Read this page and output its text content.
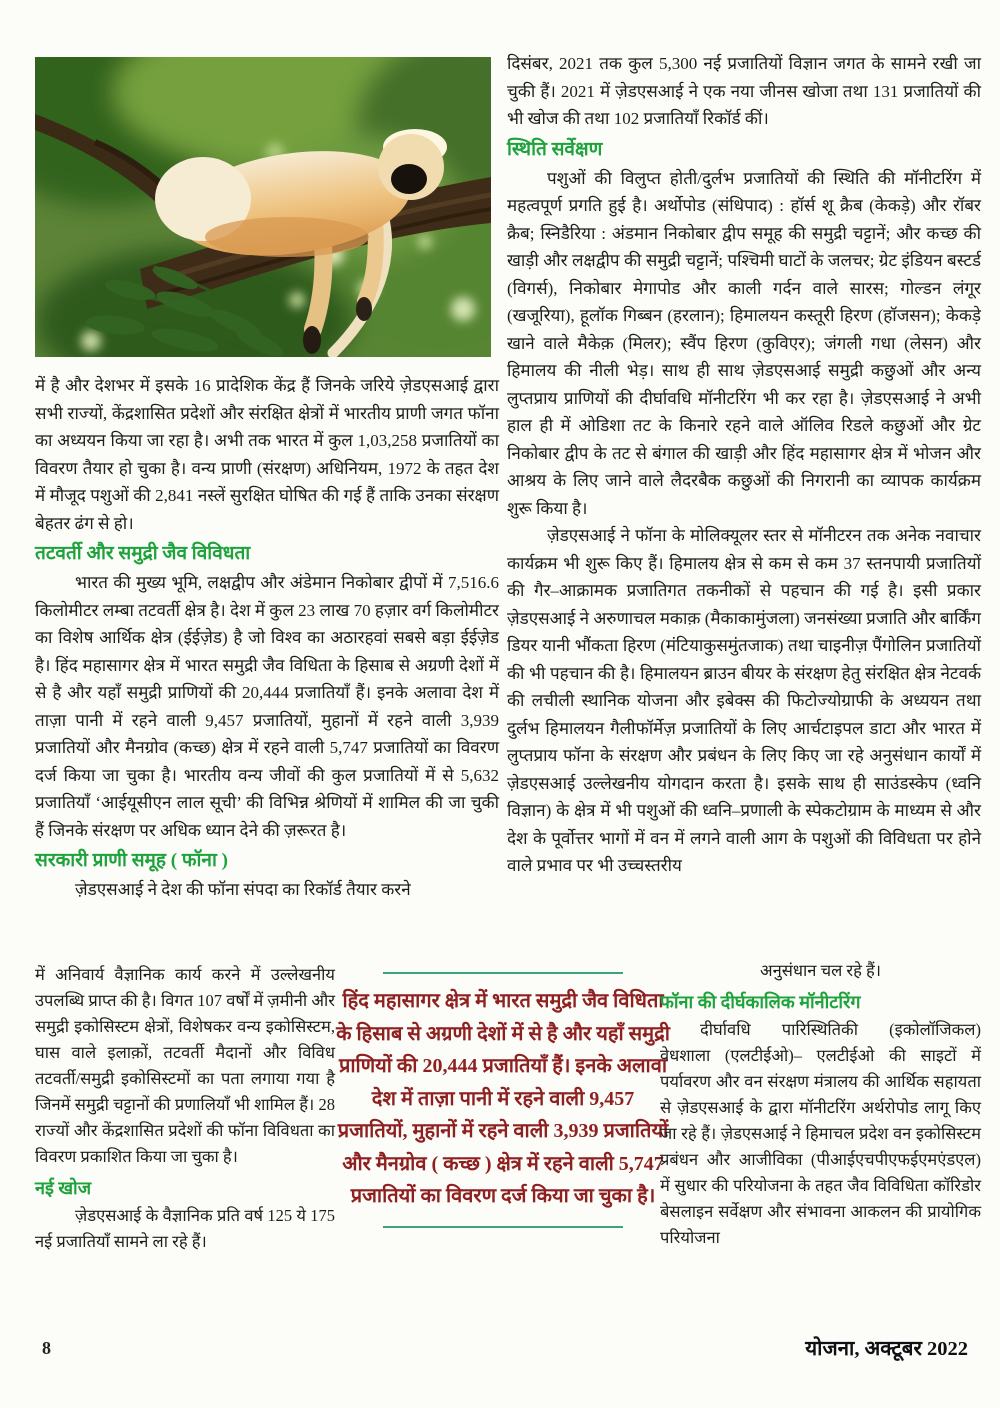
में है और देशभर में इसके 16 प्रादेशिक केंद्र हैं जिनके जरिये ज़ेडएसआई द्वारा सभी राज्यों, केंद्रशासित प्रदेशों और संरक्षित क्षेत्रों में भारतीय प्राणी जगत फॉना का अध्ययन किया जा रहा है। अभी तक भारत में कुल 1,03,258 प्रजातियों का विवरण तैयार हो चुका है। वन्य प्राणी (संरक्षण) अधिनियम, 1972 के तहत देश में मौजूद पशुओं की 2,841 नस्लें सुरक्षित घोषित की गई हैं ताकि उनका संरक्षण बेहतर ढंग से हो।

तटवर्ती और समुद्री जैव विविधता

भारत की मुख्य भूमि, लक्षद्वीप और अंडेमान निकोबार द्वीपों में 7,516.6 किलोमीटर लम्बा तटवर्ती क्षेत्र है। देश में कुल 23 लाख 70 हज़ार वर्ग किलोमीटर का विशेष आर्थिक क्षेत्र (ईईज़ेड) है जो विश्व का अठारहवां सबसे बड़ा ईईज़ेड है। हिंद महासागर क्षेत्र में भारत समुद्री जैव विधिता के हिसाब से अग्रणी देशों में से है और यहाँ समुद्री प्राणियों की 20,444 प्रजातियाँ हैं। इनके अलावा देश में ताज़ा पानी में रहने वाली 9,457 प्रजातियों, मुहानों में रहने वाली 3,939 प्रजातियों और मैनग्रोव (कच्छ) क्षेत्र में रहने वाली 5,747 प्रजातियों का विवरण दर्ज किया जा चुका है। भारतीय वन्य जीवों की कुल प्रजातियों में से 5,632 प्रजातियाँ ‘आईयूसीएन लाल सूची’ की विभिन्न श्रेणियों में शामिल की जा चुकी हैं जिनके संरक्षण पर अधिक ध्यान देने की ज़रूरत है।

सरकारी प्राणी समूह ( फॉना )

ज़ेडएसआई ने देश की फॉना संपदा का रिकॉर्ड तैयार करने

दिसंबर, 2021 तक कुल 5,300 नई प्रजातियों विज्ञान जगत के सामने रखी जा चुकी हैं। 2021 में ज़ेडएसआई ने एक नया जीनस खोजा तथा 131 प्रजातियों की भी खोज की तथा 102 प्रजातियाँ रिकॉर्ड कीं।

स्थिति सर्वेक्षण

पशुओं की विलुप्त होती/दुर्लभ प्रजातियों की स्थिति की मॉनीटरिंग में महत्वपूर्ण प्रगति हुई है। अर्थोपोड (संधिपाद) : हॉर्स शू क्रैब (केकड़े) और रॉबर क्रैब; स्निडैरिया : अंडमान निकोबार द्वीप समूह की समुद्री चट्टानें; और कच्छ की खाड़ी और लक्षद्वीप की समुद्री चट्टानें; पश्चिमी घाटों के जलचर; ग्रेट इंडियन बस्टर्ड (विगर्स), निकोबार मेगापोड और काली गर्दन वाले सारस; गोल्डन लंगूर (खजूरिया), हूलॉक गिब्बन (हरलान); हिमालयन कस्तूरी हिरण (हॉजसन); केकड़े खाने वाले मैकेक़ (मिलर); स्वैंप हिरण (कुविएर); जंगली गधा (लेसन) और हिमालय की नीली भेड़। साथ ही साथ ज़ेडएसआई समुद्री कछुओं और अन्य लुप्तप्राय प्राणियों की दीर्घावधि मॉनीटरिंग भी कर रहा है। ज़ेडएसआई ने अभी हाल ही में ओडिशा तट के किनारे रहने वाले ऑलिव रिडले कछुओं और ग्रेट निकोबार द्वीप के तट से बंगाल की खाड़ी और हिंद महासागर क्षेत्र में भोजन और आश्रय के लिए जाने वाले लैदरबैक कछुओं की निगरानी का व्यापक कार्यक्रम शुरू किया है।

ज़ेडएसआई ने फॉना के मोलिक्यूलर स्तर से मॉनीटरन तक अनेक नवाचार कार्यक्रम भी शुरू किए हैं। हिमालय क्षेत्र से कम से कम 37 स्तनपायी प्रजातियों की गैर–आक्रामक प्रजातिगत तकनीकों से पहचान की गई है। इसी प्रकार ज़ेडएसआई ने अरुणाचल मकाक़ (मैकाकामुंजला) जनसंख्या प्रजाति और बार्किंग डियर यानी भौंकता हिरण (मंटियाकुसमुंतजाक) तथा चाइनीज़ पैंगोलिन प्रजातियों की भी पहचान की है। हिमालयन ब्राउन बीयर के संरक्षण हेतु संरक्षित क्षेत्र नेटवर्क की लचीली स्थानिक योजना और इबेक्स की फिटोज्योग्राफी के अध्ययन तथा दुर्लभ हिमालयन गैलीफॉर्मेज़ प्रजातियों के लिए आर्चटाइपल डाटा और भारत में लुप्तप्राय फॉना के संरक्षण और प्रबंधन के लिए किए जा रहे अनुसंधान कार्यों में ज़ेडएसआई उल्लेखनीय योगदान करता है। इसके साथ ही साउंडस्केप (ध्वनि विज्ञान) के क्षेत्र में भी पशुओं की ध्वनि–प्रणाली के स्पेकटोग्राम के माध्यम से और देश के पूर्वोत्तर भागों में वन में लगने वाली आग के पशुओं की विविधता पर होने वाले प्रभाव पर भी उच्चस्तरीय

में अनिवार्य वैज्ञानिक कार्य करने में उल्लेखनीय उपलब्धि प्राप्त की है। विगत 107 वर्षों में ज़मीनी और समुद्री इकोसिस्टम क्षेत्रों, विशेषकर वन्य इकोसिस्टम, घास वाले इलाक़ों, तटवर्ती मैदानों और विविध तटवर्ती/समुद्री इकोसिस्टमों का पता लगाया गया है जिनमें समुद्री चट्टानों की प्रणालियाँ भी शामिल हैं। 28 राज्यों और केंद्रशासित प्रदेशों की फॉना विविधता का विवरण प्रकाशित किया जा चुका है।

नई खोज

ज़ेडएसआई के वैज्ञानिक प्रति वर्ष 125 ये 175 नई प्रजातियाँ सामने ला रहे हैं।

हिंद महासागर क्षेत्र में भारत समुद्री जैव विधिता के हिसाब से अग्रणी देशों में से है और यहाँ समुद्री प्राणियों की 20,444 प्रजातियाँ हैं। इनके अलावा देश में ताज़ा पानी में रहने वाली 9,457 प्रजातियों, मुहानों में रहने वाली 3,939 प्रजातियों और मैनग्रोव ( कच्छ ) क्षेत्र में रहने वाली 5,747 प्रजातियों का विवरण दर्ज किया जा चुका है।

अनुसंधान चल रहे हैं।

फॉना की दीर्घकालिक मॉनीटरिंग

दीर्घावधि पारिस्थितिकी (इकोलॉजिकल) वेधशाला (एलटीईओ)– एलटीईओ की साइटों में पर्यावरण और वन संरक्षण मंत्रालय की आर्थिक सहायता से ज़ेडएसआई के द्वारा मॉनीटरिंग अर्थरोपोड लागू किए जा रहे हैं। ज़ेडएसआई ने हिमाचल प्रदेश वन इकोसिस्टम प्रबंधन और आजीविका (पीआईएचपीएफईएमएंडएल) में सुधार की परियोजना के तहत जैव विविधिता कॉरिडोर बेसलाइन सर्वेक्षण और संभावना आकलन की प्रायोगिक परियोजना

8	योजना, अक्टूबर 2022
